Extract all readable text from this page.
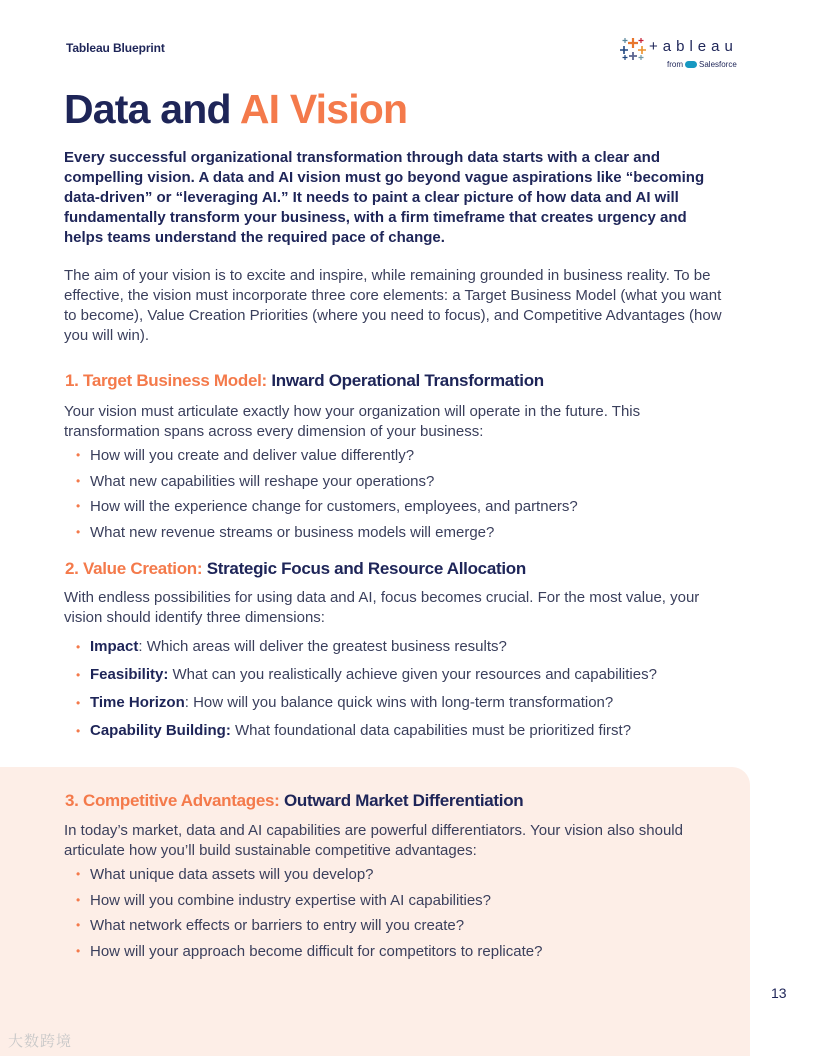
Tableau Blueprint	+ableau
from Salesforce
Data and AI Vision

Every successful organizational transformation through data starts with a clear and compelling vision. A data and AI vision must go beyond vague aspirations like “becoming data-driven” or “leveraging AI.” It needs to paint a clear picture of how data and AI will fundamentally transform your business, with a firm timeframe that creates urgency and helps teams understand the required pace of change.

The aim of your vision is to excite and inspire, while remaining grounded in business reality. To be effective, the vision must incorporate three core elements: a Target Business Model (what you want to become), Value Creation Priorities (where you need to focus), and Competitive Advantages (how you will win).

1. Target Business Model: Inward Operational Transformation

Your vision must articulate exactly how your organization will operate in the future. This transformation spans across every dimension of your business:

• How will you create and deliver value differently?
• What new capabilities will reshape your operations?
• How will the experience change for customers, employees, and partners?
• What new revenue streams or business models will emerge?
2. Value Creation: Strategic Focus and Resource Allocation

With endless possibilities for using data and AI, focus becomes crucial. For the most value, your vision should identify three dimensions:

• Impact: Which areas will deliver the greatest business results?
• Feasibility: What can you realistically achieve given your resources and capabilities?
• Time Horizon: How will you balance quick wins with long-term transformation?
• Capability Building: What foundational data capabilities must be prioritized first?
3. Competitive Advantages: Outward Market Differentiation

In today’s market, data and AI capabilities are powerful differentiators. Your vision also should articulate how you’ll build sustainable competitive advantages:

• What unique data assets will you develop?
• How will you combine industry expertise with AI capabilities?
• What network effects or barriers to entry will you create?
• How will your approach become difficult for competitors to replicate?
13
大数跨境
